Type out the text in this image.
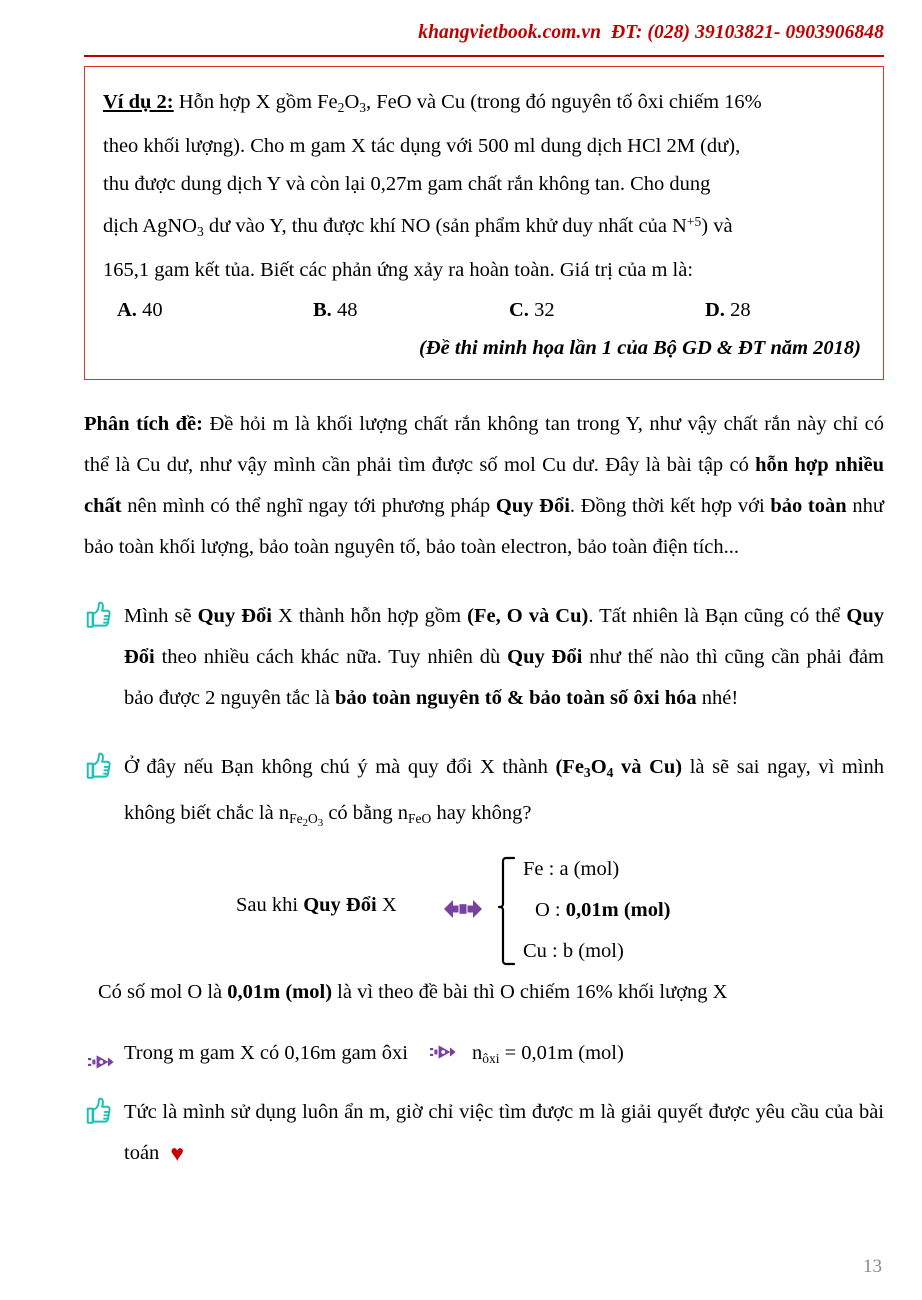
khangvietbook.com.vn ĐT: (028) 39103821- 0903906848
Ví dụ 2: Hỗn hợp X gồm $Fe_2O_3$, FeO và Cu (trong đó nguyên tố ôxi chiếm 16%
theo khối lượng). Cho m gam X tác dụng với 500 ml dung dịch HCl 2M (dư),
thu được dung dịch Y và còn lại 0,27m gam chất rắn không tan. Cho dung
dịch AgNO$_3$ dư vào Y, thu được khí NO (sản phẩm khử duy nhất của $N^{+5}$) và
165,1 gam kết tủa. Biết các phản ứng xảy ra hoàn toàn. Giá trị của m là:
A. 40	B. 48	C. 32	D. 28
(Đề thi minh họa lần 1 của Bộ GD & ĐT năm 2018)
Phân tích đề: Đề hỏi m là khối lượng chất rắn không tan trong Y, như vậy chất rắn này chỉ có thể là Cu dư, như vậy mình cần phải tìm được số mol Cu dư. Đây là bài tập có hỗn hợp nhiều chất nên mình có thể nghĩ ngay tới phương pháp Quy Đổi. Đồng thời kết hợp với bảo toàn như bảo toàn khối lượng, bảo toàn nguyên tố, bảo toàn electron, bảo toàn điện tích...
Mình sẽ Quy Đổi X thành hỗn hợp gồm (Fe, O và Cu). Tất nhiên là Bạn cũng có thể Quy Đổi theo nhiều cách khác nữa. Tuy nhiên dù Quy Đổi như thế nào thì cũng cần phải đảm bảo được 2 nguyên tắc là bảo toàn nguyên tố & bảo toàn số ôxi hóa nhé!
Ở đây nếu Bạn không chú ý mà quy đổi X thành ($Fe_3O_4$ và Cu) là sẽ sai ngay, vì mình không biết chắc là $n_{Fe_2O_3}$ có bằng $n_{FeO}$ hay không?
Sau khi Quy Đổi X
Fe : a (mol)
O : 0,01m (mol)
Cu : b (mol)
Có số mol O là 0,01m (mol) là vì theo đề bài thì O chiếm 16% khối lượng X
Trong m gam X có 0,16m gam ôxi	$n_{ôxi} = 0,01m$ (mol)
Tức là mình sử dụng luôn ẩn m, giờ chỉ việc tìm được m là giải quyết được yêu cầu của bài toán ♥
13
